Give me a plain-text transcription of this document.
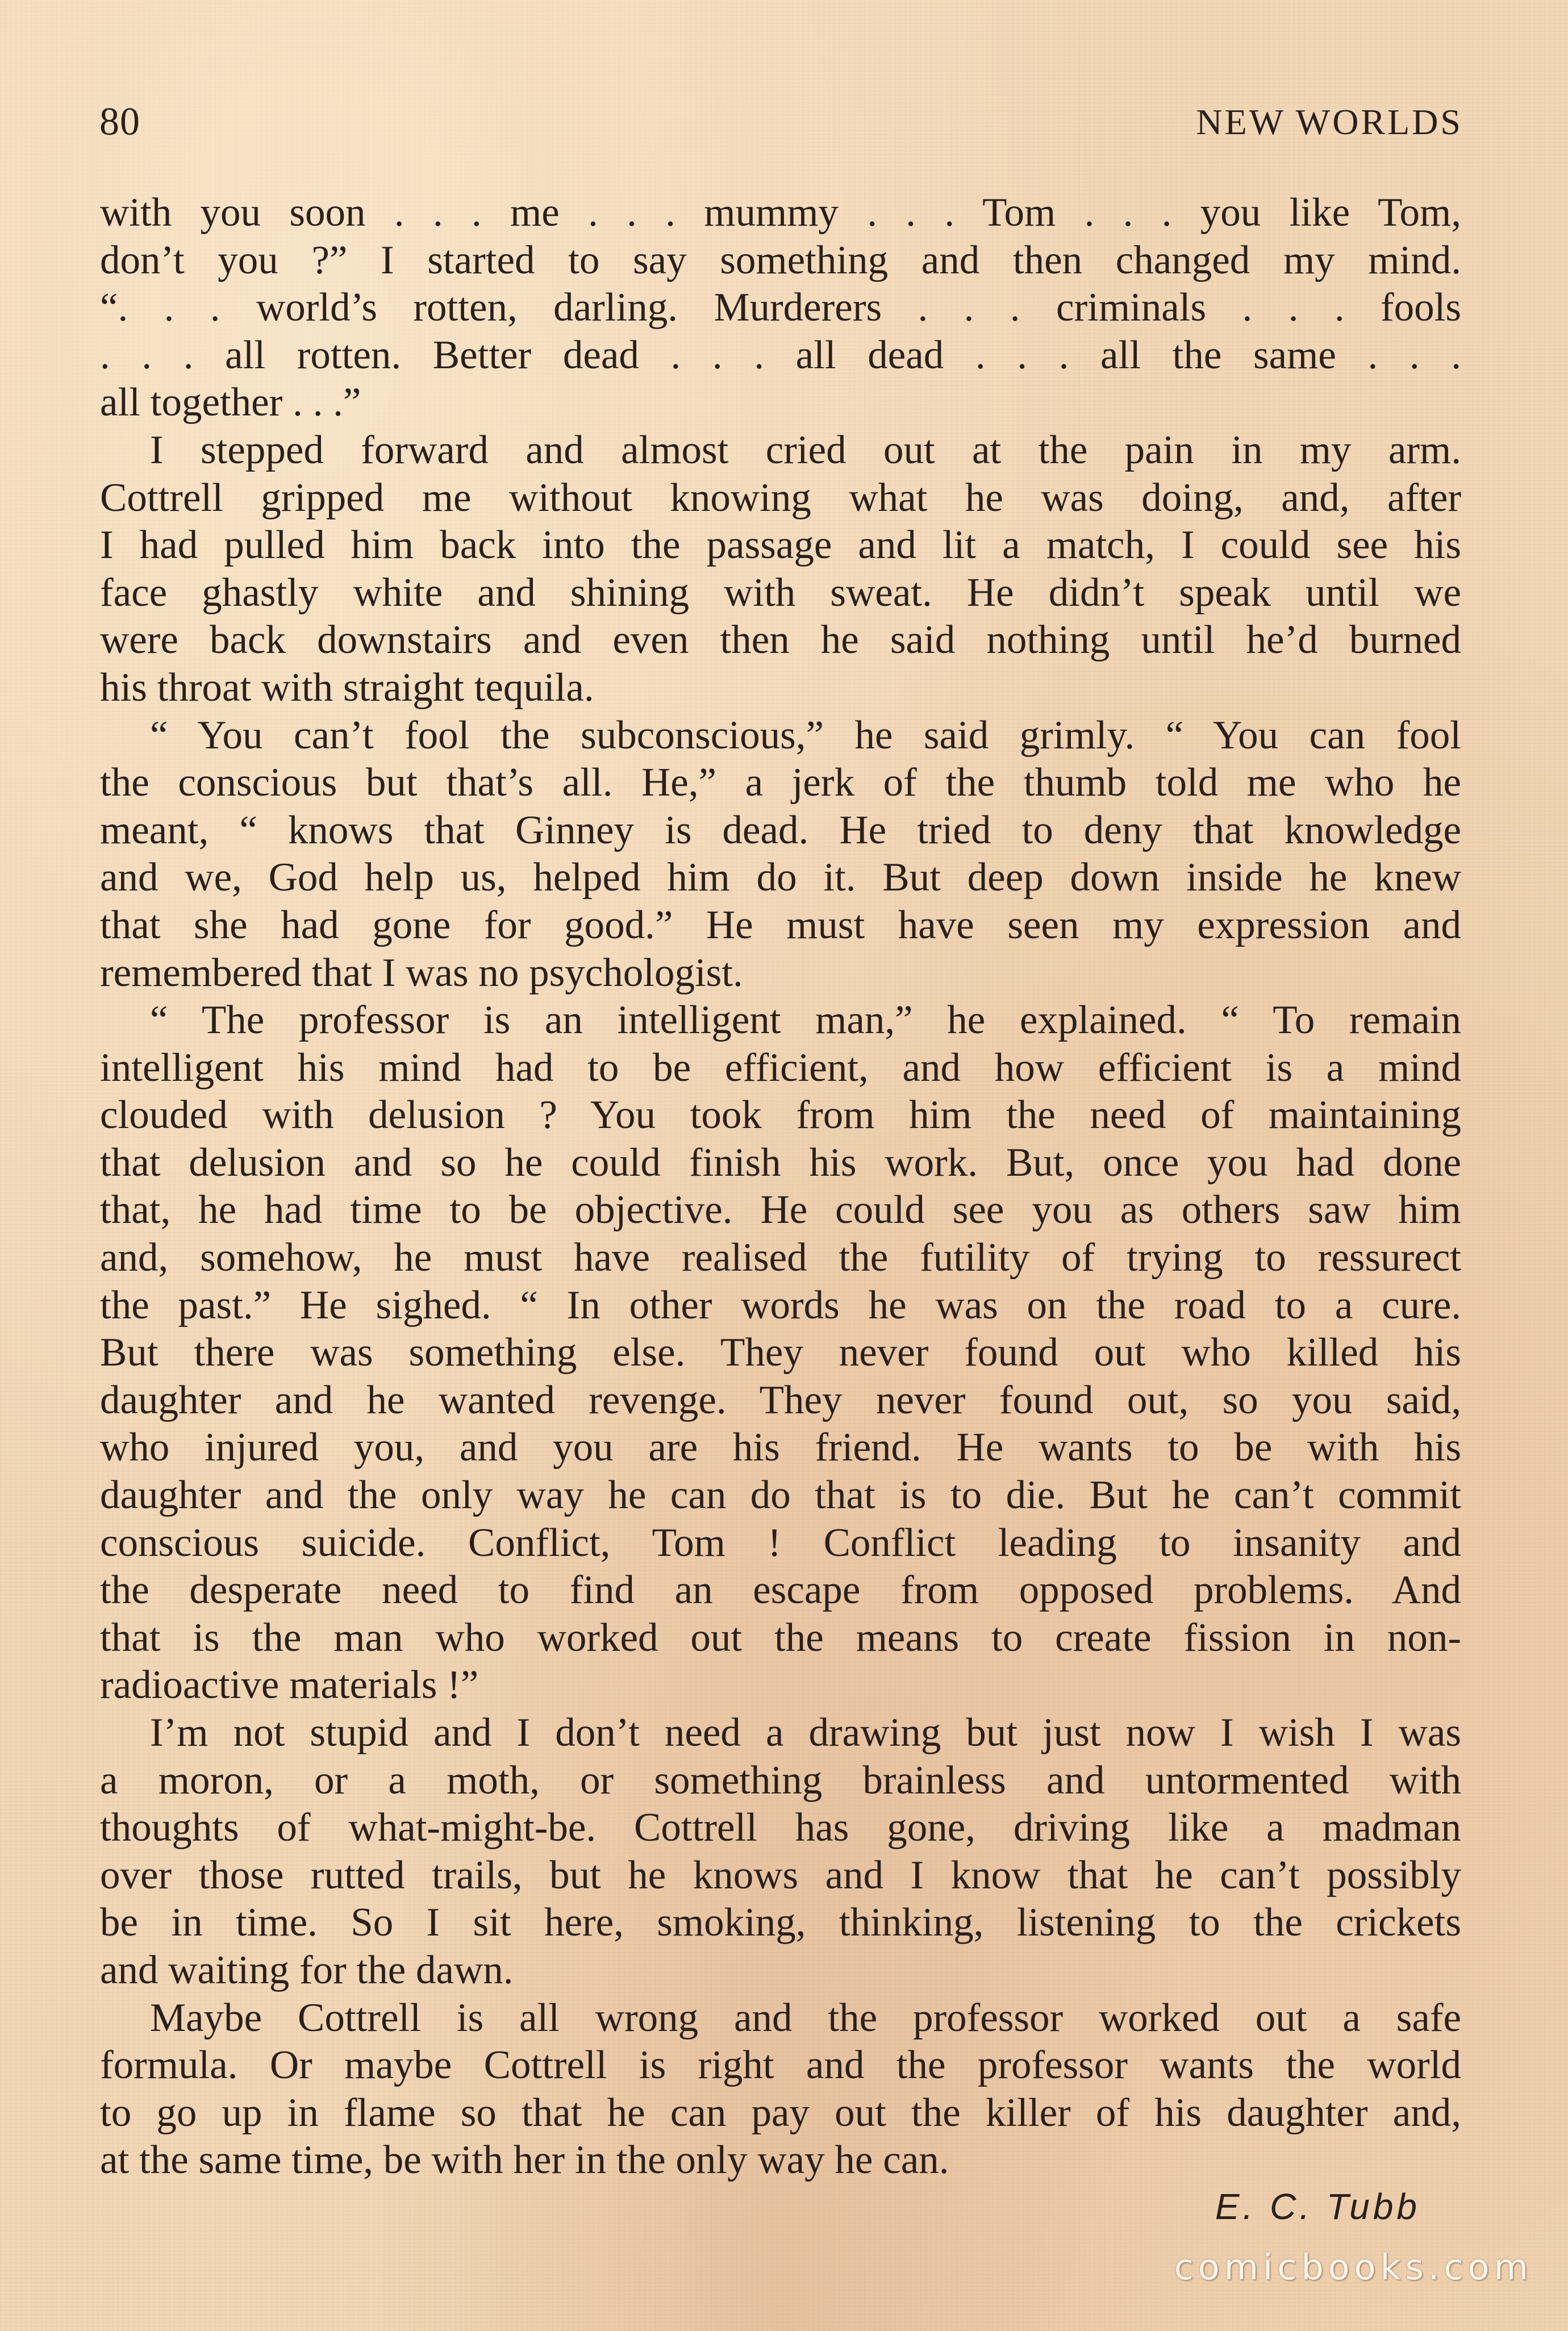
80	NEW WORLDS
with you soon . . . me . . . mummy . . . Tom . . . you like Tom,
don’t you ?” I started to say something and then changed my mind.
“. . . world’s rotten, darling. Murderers . . . criminals . . . fools
. . . all rotten. Better dead . . . all dead . . . all the same . . .
all together . . .”
I stepped forward and almost cried out at the pain in my arm.
Cottrell gripped me without knowing what he was doing, and, after
I had pulled him back into the passage and lit a match, I could see his
face ghastly white and shining with sweat. He didn’t speak until we
were back downstairs and even then he said nothing until he’d burned
his throat with straight tequila.
“ You can’t fool the subconscious,” he said grimly. “ You can fool
the conscious but that’s all. He,” a jerk of the thumb told me who he
meant, “ knows that Ginney is dead. He tried to deny that knowledge
and we, God help us, helped him do it. But deep down inside he knew
that she had gone for good.” He must have seen my expression and
remembered that I was no psychologist.
“ The professor is an intelligent man,” he explained. “ To remain
intelligent his mind had to be efficient, and how efficient is a mind
clouded with delusion ? You took from him the need of maintaining
that delusion and so he could finish his work. But, once you had done
that, he had time to be objective. He could see you as others saw him
and, somehow, he must have realised the futility of trying to ressurect
the past.” He sighed. “ In other words he was on the road to a cure.
But there was something else. They never found out who killed his
daughter and he wanted revenge. They never found out, so you said,
who injured you, and you are his friend. He wants to be with his
daughter and the only way he can do that is to die. But he can’t commit
conscious suicide. Conflict, Tom ! Conflict leading to insanity and
the desperate need to find an escape from opposed problems. And
that is the man who worked out the means to create fission in non-
radioactive materials !”
I’m not stupid and I don’t need a drawing but just now I wish I was
a moron, or a moth, or something brainless and untormented with
thoughts of what-might-be. Cottrell has gone, driving like a madman
over those rutted trails, but he knows and I know that he can’t possibly
be in time. So I sit here, smoking, thinking, listening to the crickets
and waiting for the dawn.
Maybe Cottrell is all wrong and the professor worked out a safe
formula. Or maybe Cottrell is right and the professor wants the world
to go up in flame so that he can pay out the killer of his daughter and,
at the same time, be with her in the only way he can.
E. C. Tubb
comicbooks.com
